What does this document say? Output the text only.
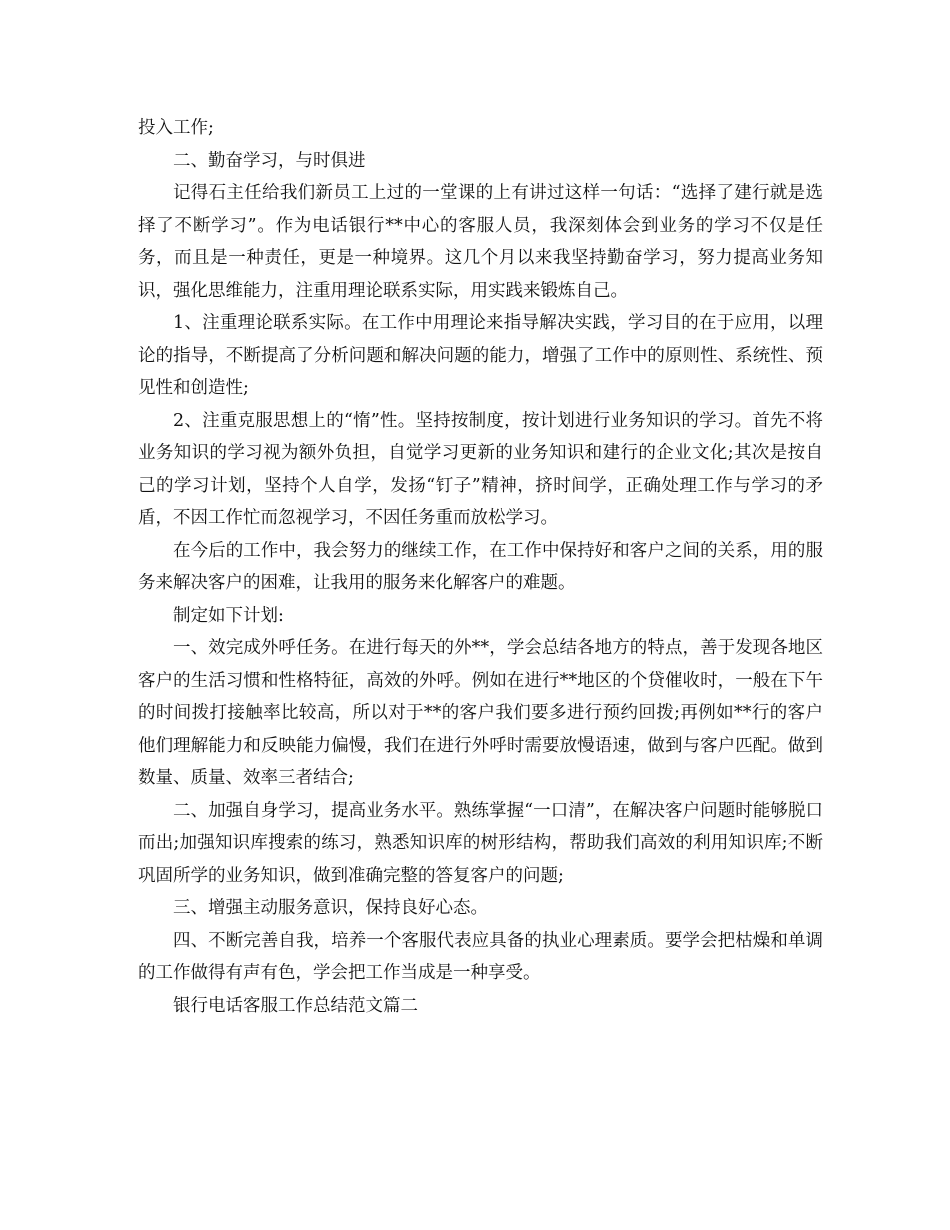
投入工作;

二、勤奋学习，与时俱进

记得石主任给我们新员工上过的一堂课的上有讲过这样一句话：“选择了建行就是选择了不断学习”。作为电话银行**中心的客服人员，我深刻体会到业务的学习不仅是任务，而且是一种责任，更是一种境界。这几个月以来我坚持勤奋学习，努力提高业务知识，强化思维能力，注重用理论联系实际，用实践来锻炼自己。

1、注重理论联系实际。在工作中用理论来指导解决实践，学习目的在于应用，以理论的指导，不断提高了分析问题和解决问题的能力，增强了工作中的原则性、系统性、预见性和创造性;

2、注重克服思想上的“惰”性。坚持按制度，按计划进行业务知识的学习。首先不将业务知识的学习视为额外负担，自觉学习更新的业务知识和建行的企业文化;其次是按自己的学习计划，坚持个人自学，发扬“钉子”精神，挤时间学，正确处理工作与学习的矛盾，不因工作忙而忽视学习，不因任务重而放松学习。

在今后的工作中，我会努力的继续工作，在工作中保持好和客户之间的关系，用的服务来解决客户的困难，让我用的服务来化解客户的难题。

制定如下计划:

一、效完成外呼任务。在进行每天的外**，学会总结各地方的特点，善于发现各地区客户的生活习惯和性格特征，高效的外呼。例如在进行**地区的个贷催收时，一般在下午的时间拨打接触率比较高，所以对于**的客户我们要多进行预约回拨;再例如**行的客户他们理解能力和反映能力偏慢，我们在进行外呼时需要放慢语速，做到与客户匹配。做到数量、质量、效率三者结合;

二、加强自身学习，提高业务水平。熟练掌握“一口清”，在解决客户问题时能够脱口而出;加强知识库搜索的练习，熟悉知识库的树形结构，帮助我们高效的利用知识库;不断巩固所学的业务知识，做到准确完整的答复客户的问题;

三、增强主动服务意识，保持良好心态。

四、不断完善自我，培养一个客服代表应具备的执业心理素质。要学会把枯燥和单调的工作做得有声有色，学会把工作当成是一种享受。

银行电话客服工作总结范文篇二
